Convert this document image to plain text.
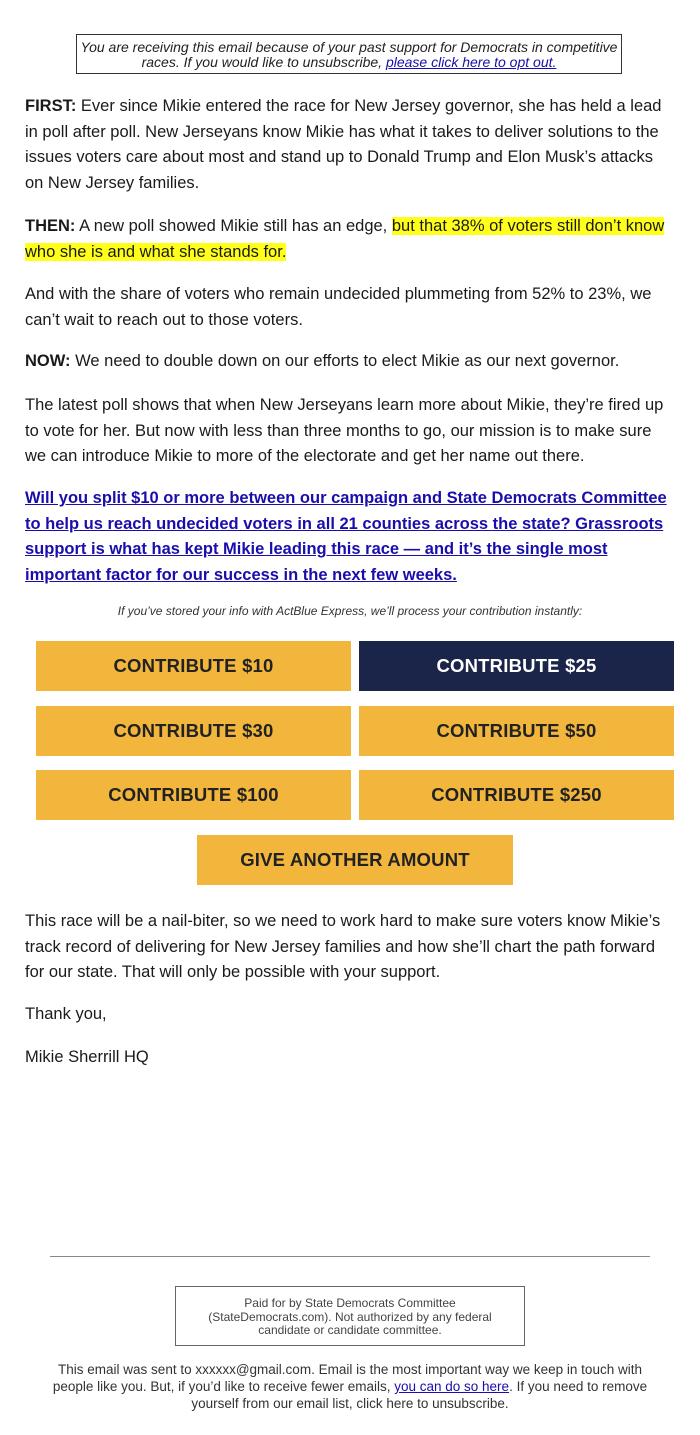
You are receiving this email because of your past support for Democrats in competitive races. If you would like to unsubscribe, please click here to opt out.

FIRST: Ever since Mikie entered the race for New Jersey governor, she has held a lead in poll after poll. New Jerseyans know Mikie has what it takes to deliver solutions to the issues voters care about most and stand up to Donald Trump and Elon Musk’s attacks on New Jersey families.

THEN: A new poll showed Mikie still has an edge, but that 38% of voters still don’t know who she is and what she stands for.

And with the share of voters who remain undecided plummeting from 52% to 23%, we can’t wait to reach out to those voters.

NOW: We need to double down on our efforts to elect Mikie as our next governor.

The latest poll shows that when New Jerseyans learn more about Mikie, they’re fired up to vote for her. But now with less than three months to go, our mission is to make sure we can introduce Mikie to more of the electorate and get her name out there.

Will you split $10 or more between our campaign and State Democrats Committee to help us reach undecided voters in all 21 counties across the state? Grassroots support is what has kept Mikie leading this race — and it’s the single most important factor for our success in the next few weeks.

If you’ve stored your info with ActBlue Express, we’ll process your contribution instantly:
CONTRIBUTE $10	CONTRIBUTE $25
CONTRIBUTE $30	CONTRIBUTE $50
CONTRIBUTE $100	CONTRIBUTE $250
GIVE ANOTHER AMOUNT

This race will be a nail-biter, so we need to work hard to make sure voters know Mikie’s track record of delivering for New Jersey families and how she’ll chart the path forward for our state. That will only be possible with your support.

Thank you,

Mikie Sherrill HQ

Paid for by State Democrats Committee (StateDemocrats.com). Not authorized by any federal candidate or candidate committee.
This email was sent to xxxxxx@gmail.com. Email is the most important way we keep in touch with people like you. But, if you’d like to receive fewer emails, you can do so here. If you need to remove yourself from our email list, click here to unsubscribe.
